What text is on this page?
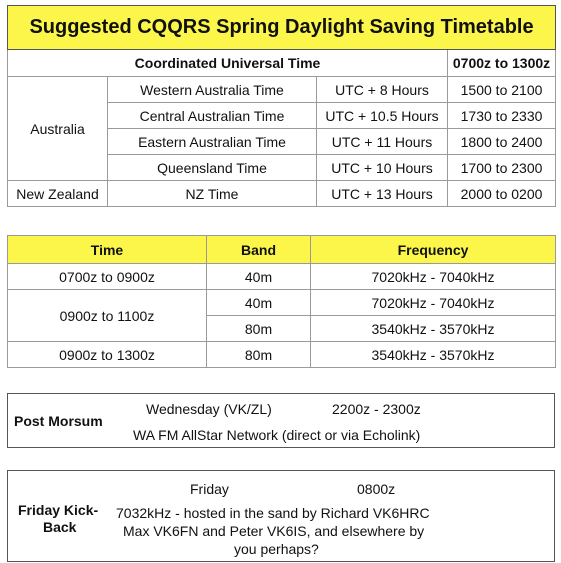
Suggested CQQRS Spring Daylight Saving Timetable			
Coordinated Universal Time			0700z to 1300z
Australia	Western Australia Time	UTC + 8 Hours	1500 to 2100
	Central Australian Time	UTC + 10.5 Hours	1730 to 2330
	Eastern Australian Time	UTC + 11 Hours	1800 to 2400
	Queensland Time	UTC + 10 Hours	1700 to 2300
New Zealand	NZ Time	UTC + 13 Hours	2000 to 0200
Time	Band	Frequency
0700z to 0900z	40m	7020kHz - 7040kHz
0900z to 1100z	40m	7020kHz - 7040kHz
	80m	3540kHz - 3570kHz
0900z to 1300z	80m	3540kHz - 3570kHz
Post Morsum
Wednesday (VK/ZL)	2200z - 2300z
WA FM AllStar Network (direct or via Echolink)
Friday Kick-
Back
Friday	0800z
7032kHz - hosted in the sand by Richard VK6HRC
Max VK6FN and Peter VK6IS, and elsewhere by
you perhaps?
